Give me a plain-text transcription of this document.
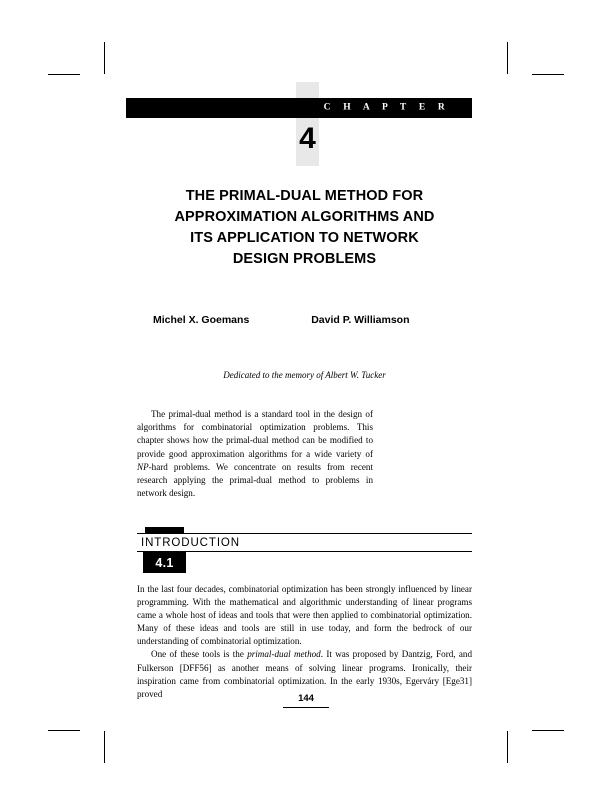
C H A P T E R
4
THE PRIMAL-DUAL METHOD FOR
APPROXIMATION ALGORITHMS AND
ITS APPLICATION TO NETWORK
DESIGN PROBLEMS
Michel X. Goemans	David P. Williamson
Dedicated to the memory of Albert W. Tucker
The primal-dual method is a standard tool in the design of algorithms for combinatorial optimization problems. This chapter shows how the primal-dual method can be modified to provide good approximation algorithms for a wide variety of NP-hard problems. We concentrate on results from recent research applying the primal-dual method to problems in network design.
INTRODUCTION
4.1

In the last four decades, combinatorial optimization has been strongly influenced by linear programming. With the mathematical and algorithmic understanding of linear programs came a whole host of ideas and tools that were then applied to combinatorial optimization. Many of these ideas and tools are still in use today, and form the bedrock of our understanding of combinatorial optimization.

One of these tools is the primal-dual method. It was proposed by Dantzig, Ford, and Fulkerson [DFF56] as another means of solving linear programs. Ironically, their inspiration came from combinatorial optimization. In the early 1930s, Egerváry [Ege31] proved	144
